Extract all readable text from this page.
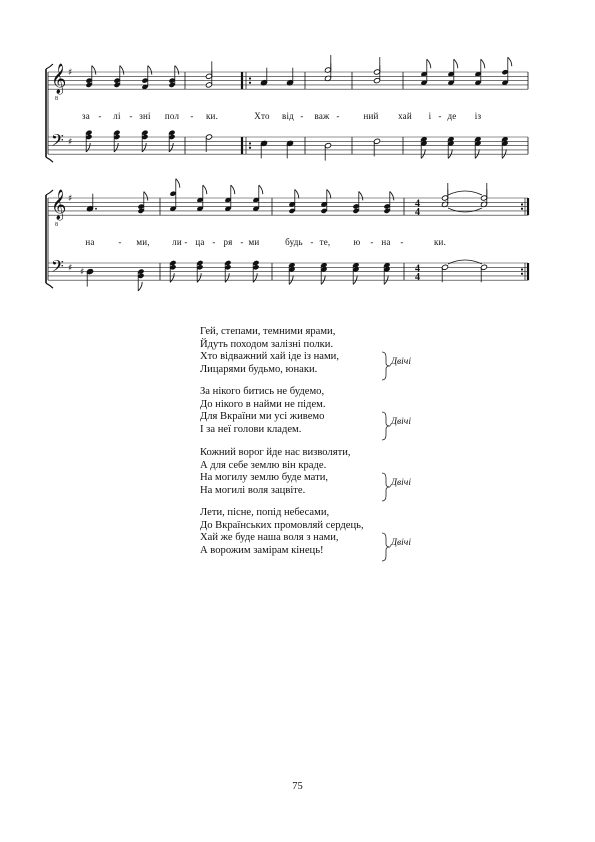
𝄞
8
𝄢
♯
♯
за - лі - зні пол - ки.	Хто від - важ -	ний хай і - де із
𝄞
8
𝄢
♯
♯ ♯
4
4
4
4
на	- ми, ли - ца - ря - ми	будь - те,	ю - на -	ки.
Гей, степами, темними ярами,
Йдуть походом залізні полки.
Хто відважний хай іде із нами,
Лицарями будьмо, юнаки.
Двічі
За нікого битись не будемо,
До нікого в найми не підем.
Для Вкраїни ми усі живемо
І за неї голови кладем.
Двічі
Кожний ворог йде нас визволяти,
А для себе землю він краде.
На могилу землю буде мати,
На могилі воля зацвіте.
Двічі
Лети, пісне, попід небесами,
До Вкраїнських промовляй сердець,
Хай же буде наша воля з нами,
А ворожим замірам кінець!
Двічі
75
